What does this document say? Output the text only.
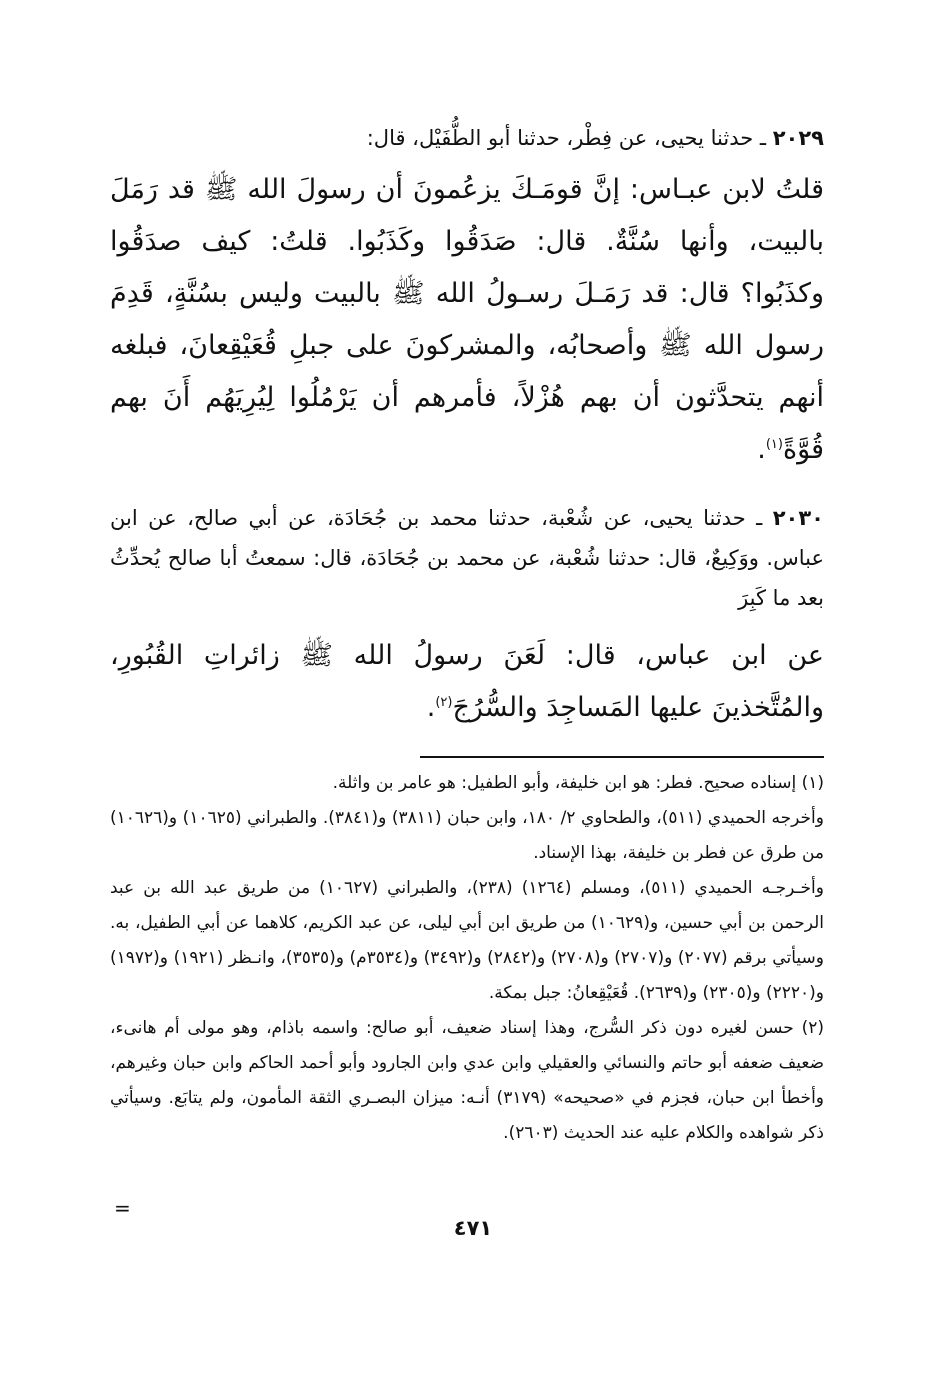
٢٠٢٩ ـ حدثنا يحيى، عن فِطْر، حدثنا أبو الطُّفَيْل، قال:

قلتُ لابن عبـاس: إنَّ قومَـكَ يزعُمونَ أن رسولَ الله ﷺ قد رَمَلَ بالبيت، وأنها سُنَّةٌ. قال: صَدَقُوا وكَذَبُوا. قلتُ: كيف صدَقُوا وكذَبُوا؟ قال: قد رَمَـلَ رسـولُ الله ﷺ بالبيت وليس بسُنَّةٍ، قَدِمَ رسول الله ﷺ وأصحابُه، والمشركونَ على جبلِ قُعَيْقِعانَ، فبلغه أنهم يتحدَّثون أن بهم هُزْلاً، فأمرهم أن يَرْمُلُوا لِيُرِيَهُم أَنَ بهم قُوَّةً$^{(١)}$.

٢٠٣٠ ـ حدثنا يحيى، عن شُعْبة، حدثنا محمد بن جُحَادَة، عن أبي صالح، عن ابن عباس. ووَكِيعٌ، قال: حدثنا شُعْبة، عن محمد بن جُحَادَة، قال: سمعتُ أبا صالح يُحدِّثُ بعد ما كَبِرَ

عن ابن عباس، قال: لَعَنَ رسولُ الله ﷺ زائراتِ القُبُورِ، والمُتَّخذينَ عليها المَساجِدَ والسُّرُجَ$^{(٢)}$.

(١) إسناده صحيح. فطر: هو ابن خليفة، وأبو الطفيل: هو عامر بن واثلة.

وأخرجه الحميدي (٥١١)، والطحاوي ٢/ ١٨٠، وابن حبان (٣٨١١) و(٣٨٤١). والطبراني (١٠٦٢٥) و(١٠٦٢٦) من طرق عن فطر بن خليفة، بهذا الإسناد.

وأخـرجـه الحميدي (٥١١)، ومسلم (١٢٦٤) (٢٣٨)، والطبراني (١٠٦٢٧) من طريق عبد الله بن عبد الرحمن بن أبي حسين، و(١٠٦٢٩) من طريق ابن أبي ليلى، عن عبد الكريم، كلاهما عن أبي الطفيل، به. وسيأتي برقم (٢٠٧٧) و(٢٧٠٧) و(٢٧٠٨) و(٢٨٤٢) و(٣٤٩٢) و(٣٥٣٤م) و(٣٥٣٥)، وانـظر (١٩٢١) و(١٩٧٢) و(٢٢٢٠) و(٢٣٠٥) و(٢٦٣٩). قُعَيْقِعانُ: جبل بمكة.

(٢) حسن لغيره دون ذكر السُّرج، وهذا إسناد ضعيف، أبو صالح: واسمه باذام، وهو مولى أم هانىء، ضعيف ضعفه أبو حاتم والنسائي والعقيلي وابن عدي وابن الجارود وأبو أحمد الحاكم وابن حبان وغيرهم، وأخطأ ابن حبان، فجزم في «صحيحه» (٣١٧٩) أنـه: ميزان البصـري الثقة المأمون، ولم يتابَع. وسيأتي ذكر شواهده والكلام عليه عند الحديث (٢٦٠٣).

=
٤٧١
